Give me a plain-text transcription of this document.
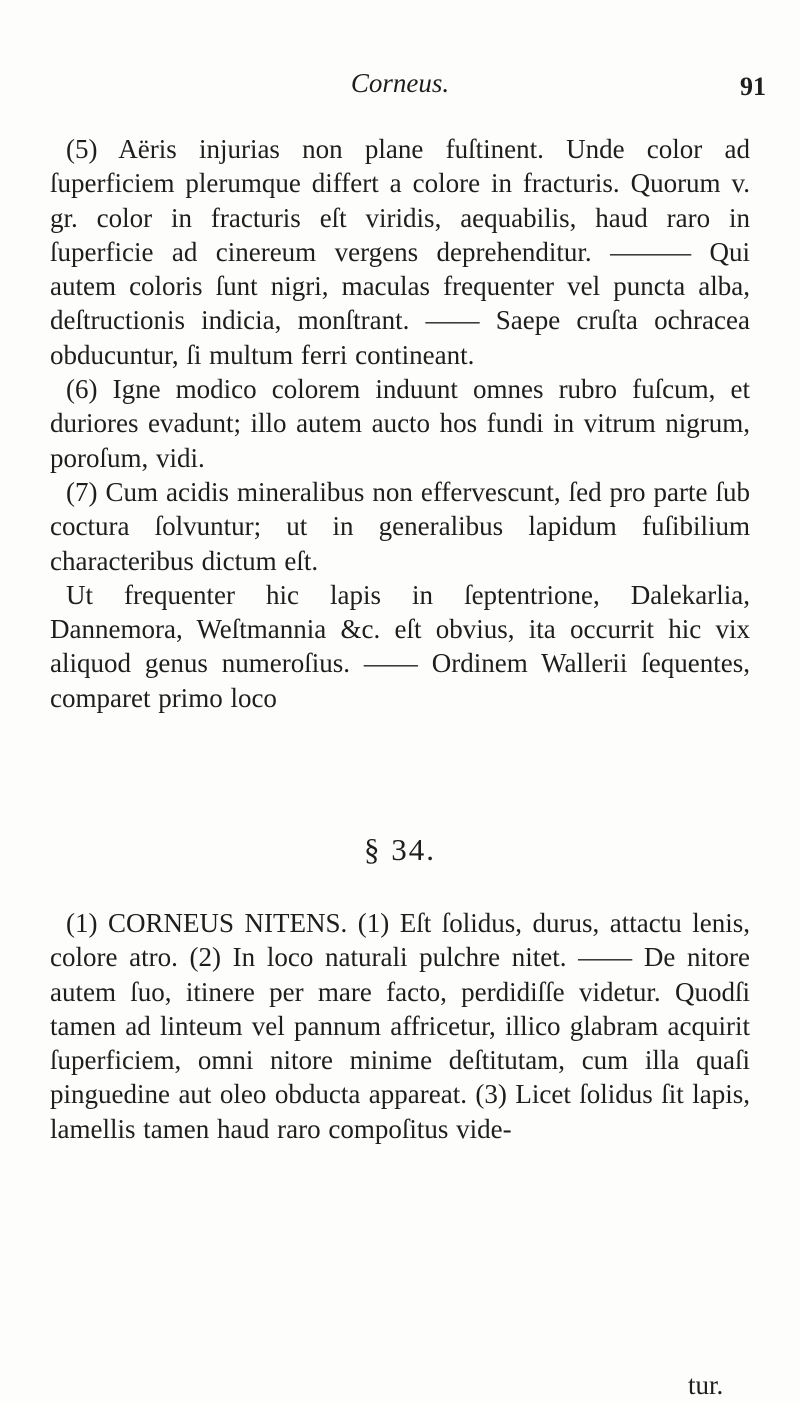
Corneus.	91

(5) Aëris injurias non plane fuſtinent. Unde color ad ſuperficiem plerumque differt a colore in fracturis. Quorum v. gr. color in fracturis eſt viridis, aequabilis, haud raro in ſuperficie ad cinereum vergens deprehenditur. ——— Qui autem coloris ſunt nigri, maculas frequenter vel puncta alba, deſtructionis indicia, monſtrant. —— Saepe cruſta ochracea obducuntur, ſi multum ferri contineant.

(6) Igne modico colorem induunt omnes rubro fuſcum, et duriores evadunt; illo autem aucto hos fundi in vitrum nigrum, poroſum, vidi.

(7) Cum acidis mineralibus non effervescunt, ſed pro parte ſub coctura ſolvuntur; ut in generalibus lapidum fuſibilium characteribus dictum eſt.

Ut frequenter hic lapis in ſeptentrione, Dalekarlia, Dannemora, Weſtmannia &c. eſt obvius, ita occurrit hic vix aliquod genus numeroſius. —— Ordinem Wallerii ſequentes, comparet primo loco

§ 34.

(1) CORNEUS NITENS. (1) Eſt ſolidus, durus, attactu lenis, colore atro. (2) In loco naturali pulchre nitet. —— De nitore autem ſuo, itinere per mare facto, perdidiſſe videtur. Quodſi tamen ad linteum vel pannum affricetur, illico glabram acquirit ſuperficiem, omni nitore minime deſtitutam, cum illa quaſi pinguedine aut oleo obducta appareat. (3) Licet ſolidus ſit lapis, lamellis tamen haud raro compoſitus vide-

tur.
